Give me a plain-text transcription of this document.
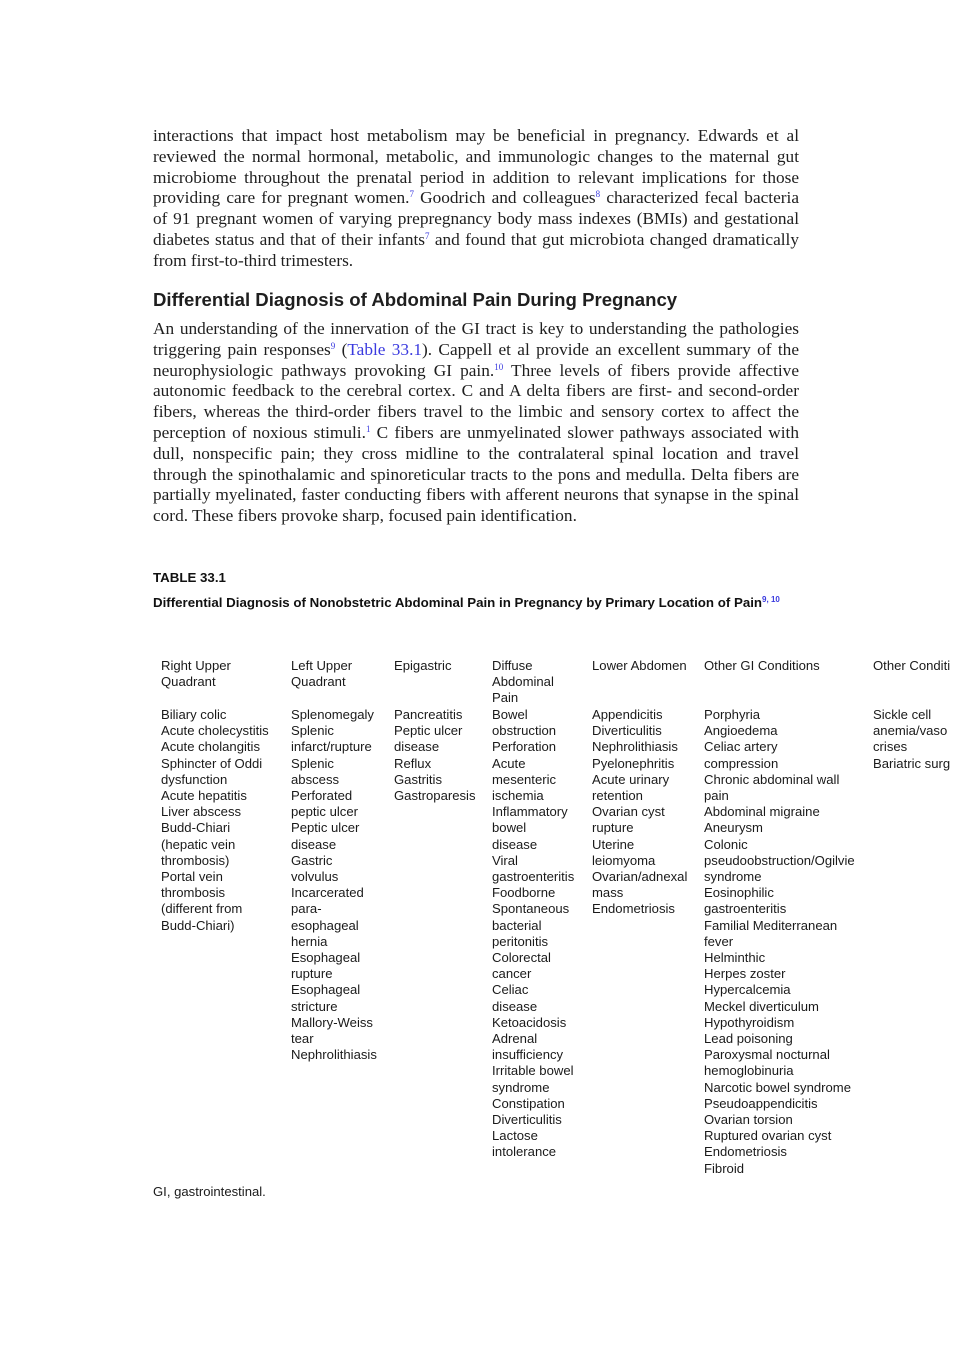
interactions that impact host metabolism may be beneficial in pregnancy. Edwards et al reviewed the normal hormonal, metabolic, and immunologic changes to the maternal gut microbiome throughout the prenatal period in addition to relevant implications for those providing care for pregnant women.$^7$ Goodrich and colleagues$^8$ characterized fecal bacteria of 91 pregnant women of varying prepregnancy body mass indexes (BMIs) and gestational diabetes status and that of their infants$^7$ and found that gut microbiota changed dramatically from first-to-third trimesters.
Differential Diagnosis of Abdominal Pain During Pregnancy
An understanding of the innervation of the GI tract is key to understanding the pathologies triggering pain responses$^9$ (Table 33.1). Cappell et al provide an excellent summary of the neurophysiologic pathways provoking GI pain.$^{10}$ Three levels of fibers provide affective autonomic feedback to the cerebral cortex. C and A delta fibers are first- and second-order fibers, whereas the third-order fibers travel to the limbic and sensory cortex to affect the perception of noxious stimuli.$^1$ C fibers are unmyelinated slower pathways associated with dull, nonspecific pain; they cross midline to the contralateral spinal location and travel through the spinothalamic and spinoreticular tracts to the pons and medulla. Delta fibers are partially myelinated, faster conducting fibers with afferent neurons that synapse in the spinal cord. These fibers provoke sharp, focused pain identification.
TABLE 33.1
Differential Diagnosis of Nonobstetric Abdominal Pain in Pregnancy by Primary Location of Pain$^{9, 10}$
Right Upper
Quadrant
Biliary colic
Acute cholecystitis
Acute cholangitis
Sphincter of Oddi
dysfunction
Acute hepatitis
Liver abscess
Budd-Chiari
(hepatic vein
thrombosis)
Portal vein
thrombosis
(different from
Budd-Chiari)
Left Upper
Quadrant
Splenomegaly
Splenic
infarct/rupture
Splenic
abscess
Perforated
peptic ulcer
Peptic ulcer
disease
Gastric
volvulus
Incarcerated
para-
esophageal
hernia
Esophageal
rupture
Esophageal
stricture
Mallory-Weiss
tear
Nephrolithiasis
Epigastric
Pancreatitis
Peptic ulcer
disease
Reflux
Gastritis
Gastroparesis
Diffuse
Abdominal
Pain
Bowel
obstruction
Perforation
Acute
mesenteric
ischemia
Inflammatory
bowel
disease
Viral
gastroenteritis
Foodborne
Spontaneous
bacterial
peritonitis
Colorectal
cancer
Celiac
disease
Ketoacidosis
Adrenal
insufficiency
Irritable bowel
syndrome
Constipation
Diverticulitis
Lactose
intolerance
Lower Abdomen
Appendicitis
Diverticulitis
Nephrolithiasis
Pyelonephritis
Acute urinary
retention
Ovarian cyst
rupture
Uterine
leiomyoma
Ovarian/adnexal
mass
Endometriosis
Other GI Conditions
Porphyria
Angioedema
Celiac artery
compression
Chronic abdominal wall
pain
Abdominal migraine
Aneurysm
Colonic
pseudoobstruction/Ogilvie
syndrome
Eosinophilic
gastroenteritis
Familial Mediterranean
fever
Helminthic
Herpes zoster
Hypercalcemia
Meckel diverticulum
Hypothyroidism
Lead poisoning
Paroxysmal nocturnal
hemoglobinuria
Narcotic bowel syndrome
Pseudoappendicitis
Ovarian torsion
Ruptured ovarian cyst
Endometriosis
Fibroid
Other Conditi
Sickle cell
anemia/vaso
crises
Bariatric surg
GI, gastrointestinal.
